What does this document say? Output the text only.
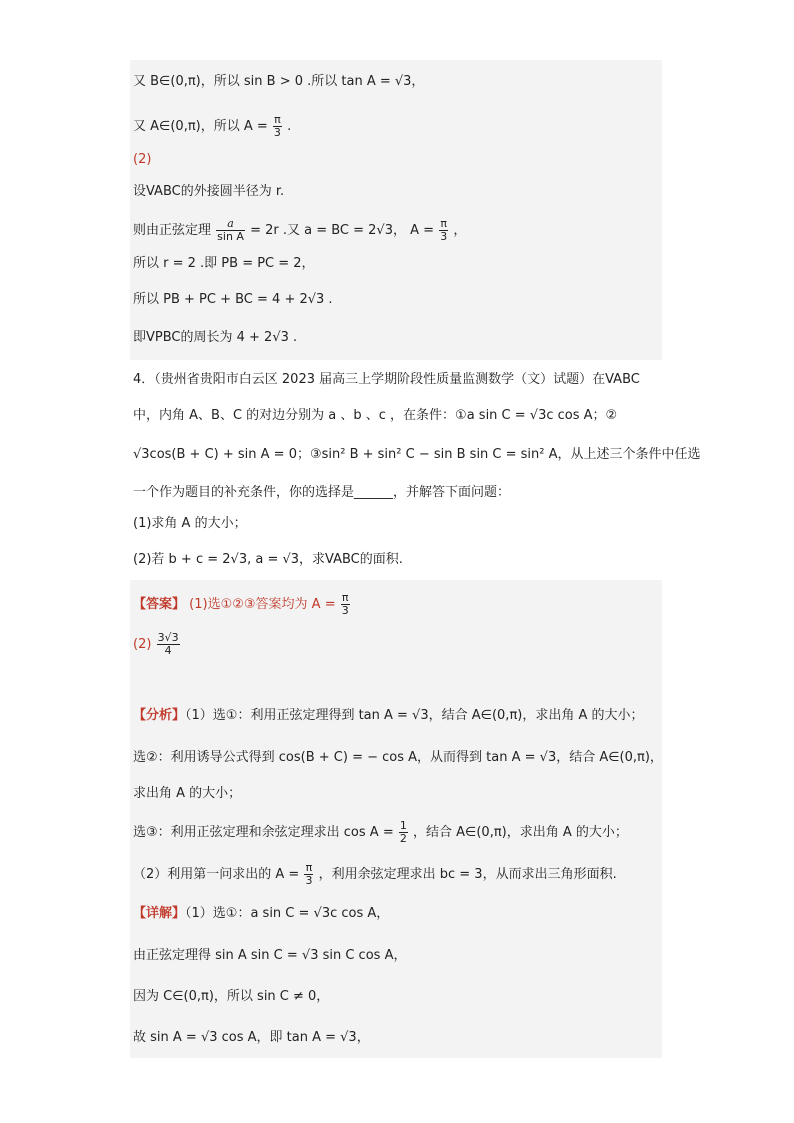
又 B∈(0,π)，所以 sin B > 0 .所以 tan A = √3，
又 A∈(0,π)，所以 $A = \frac{\pi}{3}$ .
(2)
设VABC的外接圆半径为 r.
则由正弦定理 $\frac{a}{\text{sin A}} = 2r$ .又 a = BC = 2√3， $A = \frac{\pi}{3}$ ，
所以 r = 2 .即 PB = PC = 2，
所以 PB + PC + BC = 4 + 2√3 .
即VPBC的周长为 4 + 2√3 .
4．（贵州省贵阳市白云区 2023 届高三上学期阶段性质量监测数学（文）试题）在VABC
中，内角 A、B、C 的对边分别为 a 、b 、c ，在条件：①a sin C = √3c cos A；②
√3cos(B + C) + sin A = 0；③sin² B + sin² C − sin B sin C = sin² A，从上述三个条件中任选
一个作为题目的补充条件，你的选择是______，并解答下面问题：
(1)求角 A 的大小；
(2)若 b + c = 2√3, a = √3，求VABC的面积.
【答案】 (1)选①②③答案均为 $A = \frac{\pi}{3}$
$(2) \frac{3√3}{4}$
【分析】（1）选①：利用正弦定理得到 tan A = √3，结合 A∈(0,π)，求出角 A 的大小；
选②：利用诱导公式得到 cos(B + C) = − cos A，从而得到 tan A = √3，结合 A∈(0,π)，
求出角 A 的大小；
选③：利用正弦定理和余弦定理求出 $\cos A = \frac{1}{2}$ ，结合 A∈(0,π)，求出角 A 的大小；
（2）利用第一问求出的 $A = \frac{\pi}{3}$ ，利用余弦定理求出 bc = 3，从而求出三角形面积.
【详解】（1）选①：a sin C = √3c cos A，
由正弦定理得 sin A sin C = √3 sin C cos A，
因为 C∈(0,π)，所以 sin C ≠ 0，
故 sin A = √3 cos A，即 tan A = √3，
